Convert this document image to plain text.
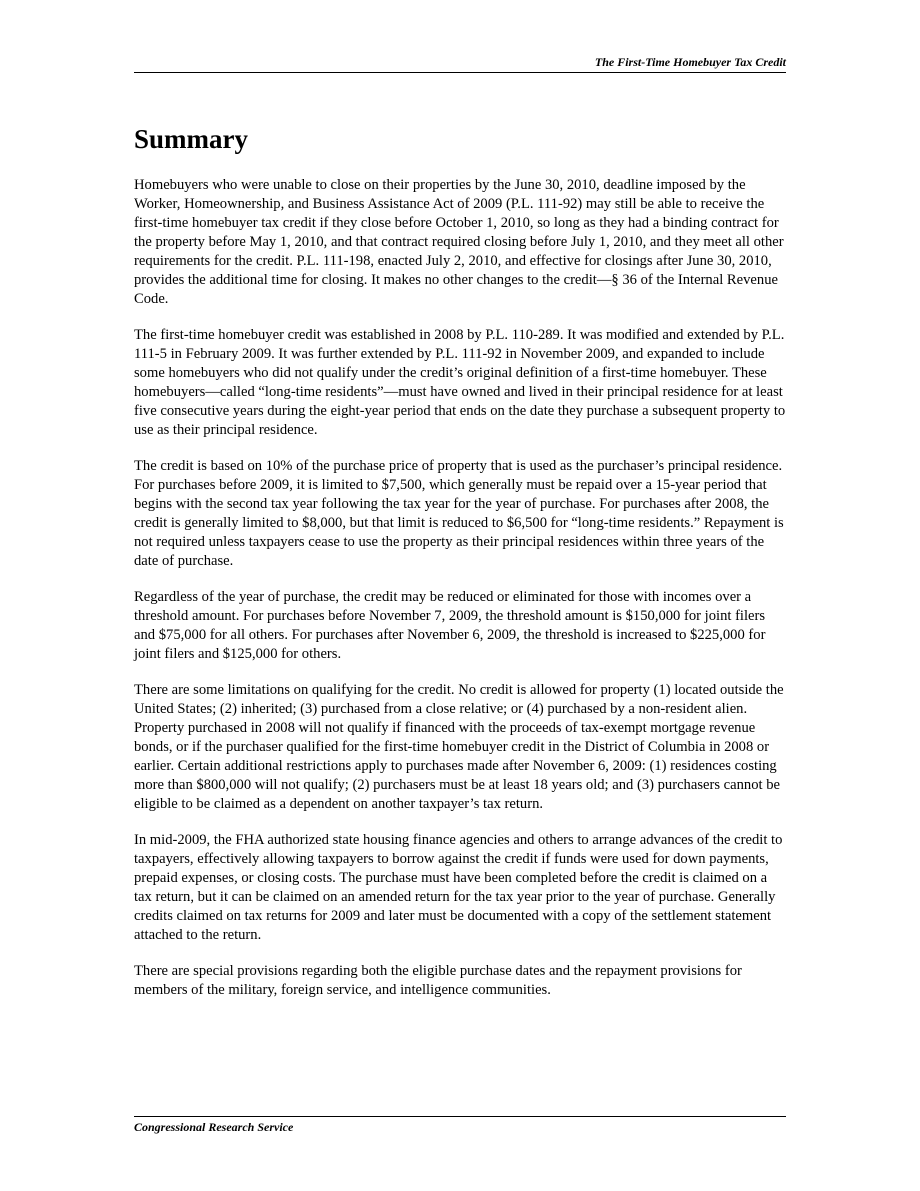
The First-Time Homebuyer Tax Credit
Summary

Homebuyers who were unable to close on their properties by the June 30, 2010, deadline imposed by the Worker, Homeownership, and Business Assistance Act of 2009 (P.L. 111-92) may still be able to receive the first-time homebuyer tax credit if they close before October 1, 2010, so long as they had a binding contract for the property before May 1, 2010, and that contract required closing before July 1, 2010, and they meet all other requirements for the credit. P.L. 111-198, enacted July 2, 2010, and effective for closings after June 30, 2010, provides the additional time for closing. It makes no other changes to the credit—§ 36 of the Internal Revenue Code.

The first-time homebuyer credit was established in 2008 by P.L. 110-289. It was modified and extended by P.L. 111-5 in February 2009. It was further extended by P.L. 111-92 in November 2009, and expanded to include some homebuyers who did not qualify under the credit’s original definition of a first-time homebuyer. These homebuyers—called “long-time residents”—must have owned and lived in their principal residence for at least five consecutive years during the eight-year period that ends on the date they purchase a subsequent property to use as their principal residence.

The credit is based on 10% of the purchase price of property that is used as the purchaser’s principal residence. For purchases before 2009, it is limited to $7,500, which generally must be repaid over a 15-year period that begins with the second tax year following the tax year for the year of purchase. For purchases after 2008, the credit is generally limited to $8,000, but that limit is reduced to $6,500 for “long-time residents.” Repayment is not required unless taxpayers cease to use the property as their principal residences within three years of the date of purchase.

Regardless of the year of purchase, the credit may be reduced or eliminated for those with incomes over a threshold amount. For purchases before November 7, 2009, the threshold amount is $150,000 for joint filers and $75,000 for all others. For purchases after November 6, 2009, the threshold is increased to $225,000 for joint filers and $125,000 for others.

There are some limitations on qualifying for the credit. No credit is allowed for property (1) located outside the United States; (2) inherited; (3) purchased from a close relative; or (4) purchased by a non-resident alien. Property purchased in 2008 will not qualify if financed with the proceeds of tax-exempt mortgage revenue bonds, or if the purchaser qualified for the first-time homebuyer credit in the District of Columbia in 2008 or earlier. Certain additional restrictions apply to purchases made after November 6, 2009: (1) residences costing more than $800,000 will not qualify; (2) purchasers must be at least 18 years old; and (3) purchasers cannot be eligible to be claimed as a dependent on another taxpayer’s tax return.

In mid-2009, the FHA authorized state housing finance agencies and others to arrange advances of the credit to taxpayers, effectively allowing taxpayers to borrow against the credit if funds were used for down payments, prepaid expenses, or closing costs. The purchase must have been completed before the credit is claimed on a tax return, but it can be claimed on an amended return for the tax year prior to the year of purchase. Generally credits claimed on tax returns for 2009 and later must be documented with a copy of the settlement statement attached to the return.

There are special provisions regarding both the eligible purchase dates and the repayment provisions for members of the military, foreign service, and intelligence communities.

Congressional Research Service
